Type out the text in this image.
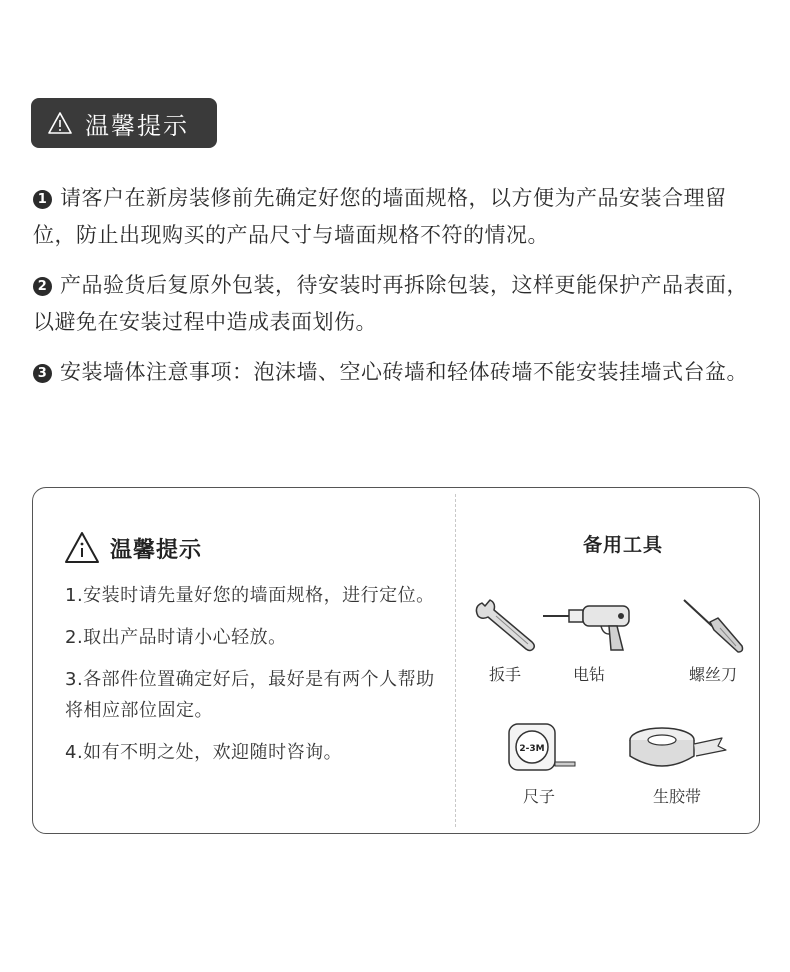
温馨提示
1 请客户在新房装修前先确定好您的墙面规格，以方便为产品安装合理留位，防止出现购买的产品尺寸与墙面规格不符的情况。
2 产品验货后复原外包装，待安装时再拆除包装，这样更能保护产品表面，以避免在安装过程中造成表面划伤。
3 安装墙体注意事项：泡沫墙、空心砖墙和轻体砖墙不能安装挂墙式台盆。
温馨提示
1.安装时请先量好您的墙面规格，进行定位。
2.取出产品时请小心轻放。
3.各部件位置确定好后，最好是有两个人帮助将相应部位固定。
4.如有不明之处，欢迎随时咨询。
备用工具
扳手	电钻	螺丝刀
2-3M
尺子	生胶带
